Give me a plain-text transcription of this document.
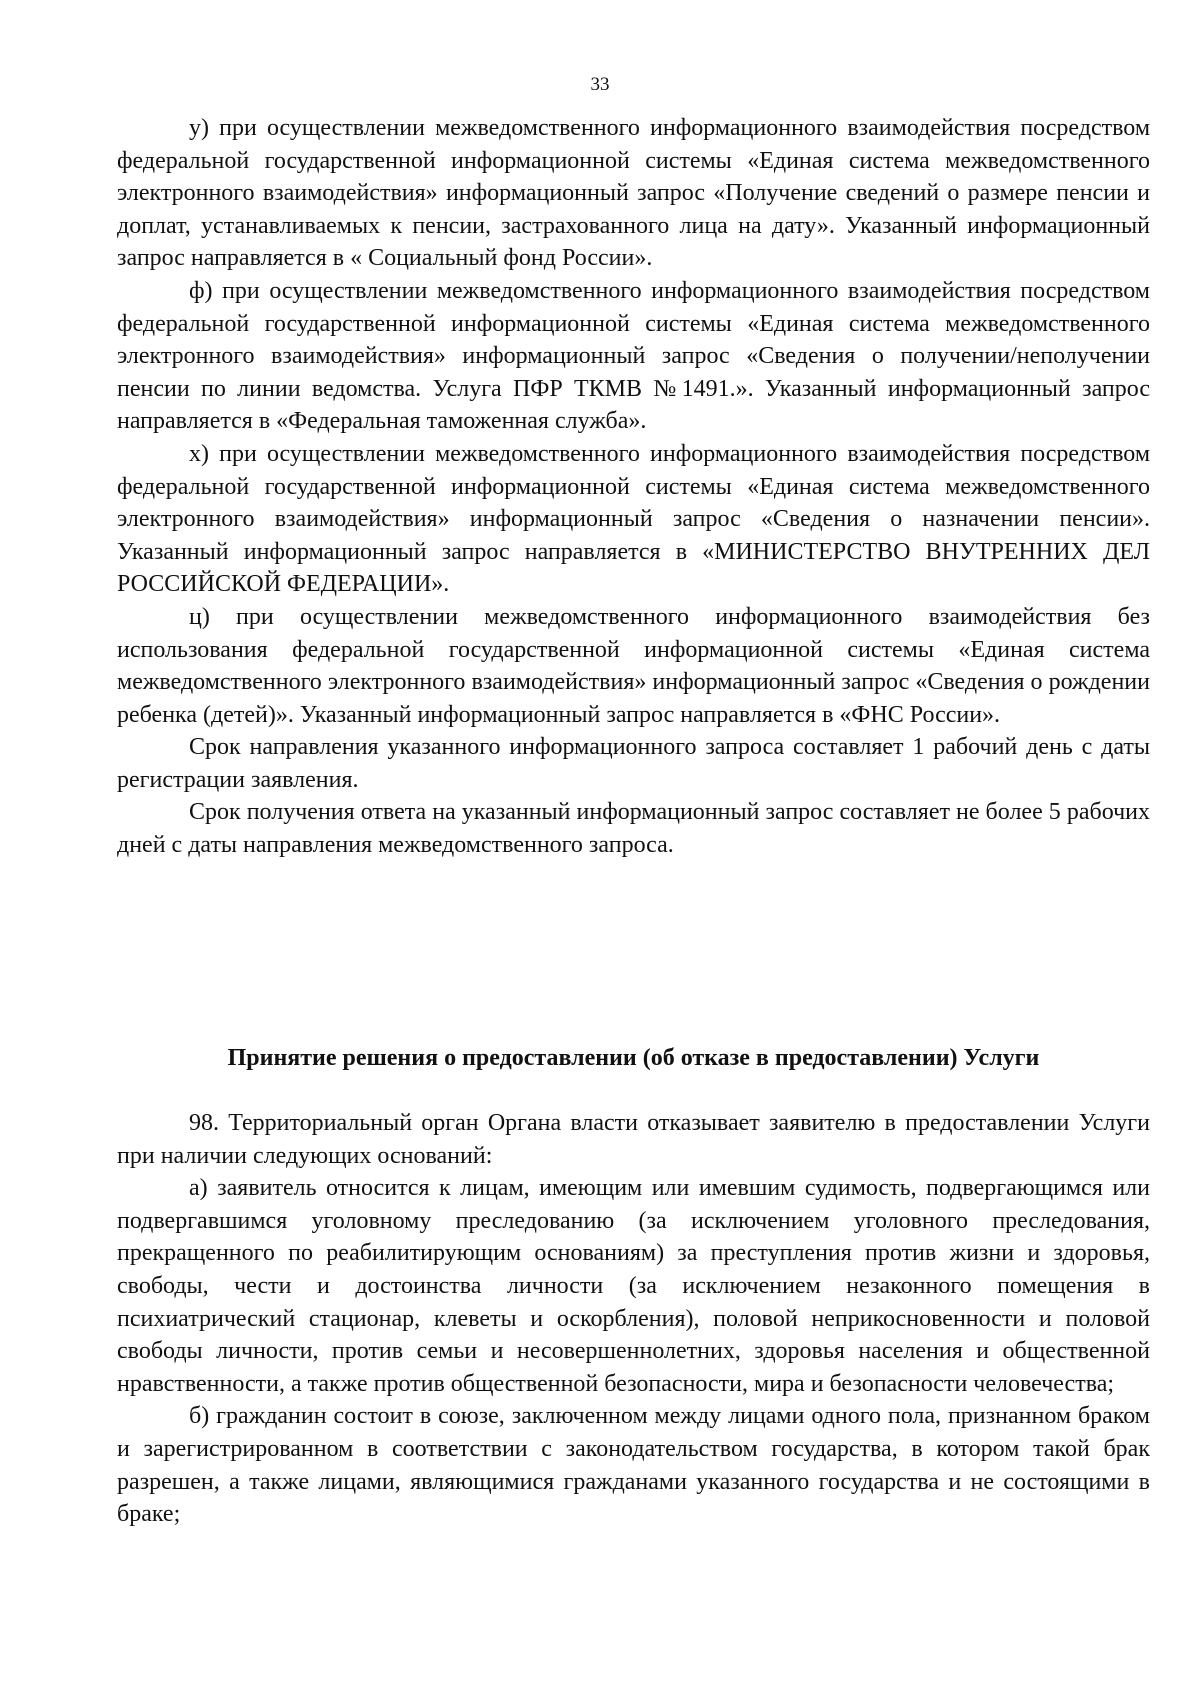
33

у) при осуществлении межведомственного информационного взаимодействия посредством федеральной государственной информационной системы «Единая система межведомственного электронного взаимодействия» информационный запрос «Получение сведений о размере пенсии и доплат, устанавливаемых к пенсии, застрахованного лица на дату». Указанный информационный запрос направляется в « Социальный фонд России».

ф) при осуществлении межведомственного информационного взаимодействия посредством федеральной государственной информационной системы «Единая система межведомственного электронного взаимодействия» информационный запрос «Сведения о получении/неполучении пенсии по линии ведомства. Услуга ПФР ТКМВ №1491.». Указанный информационный запрос направляется в «Федеральная таможенная служба».

х) при осуществлении межведомственного информационного взаимодействия посредством федеральной государственной информационной системы «Единая система межведомственного электронного взаимодействия» информационный запрос «Сведения о назначении пенсии». Указанный информационный запрос направляется в «МИНИСТЕРСТВО ВНУТРЕННИХ ДЕЛ РОССИЙСКОЙ ФЕДЕРАЦИИ».

ц) при осуществлении межведомственного информационного взаимодействия без использования федеральной государственной информационной системы «Единая система межведомственного электронного взаимодействия» информационный запрос «Сведения о рождении ребенка (детей)». Указанный информационный запрос направляется в «ФНС России».

Срок направления указанного информационного запроса составляет 1 рабочий день с даты регистрации заявления.

Срок получения ответа на указанный информационный запрос составляет не более 5 рабочих дней с даты направления межведомственного запроса.

Принятие решения о предоставлении (об отказе в предоставлении) Услуги

98. Территориальный орган Органа власти отказывает заявителю в предоставлении Услуги при наличии следующих оснований:

а) заявитель относится к лицам, имеющим или имевшим судимость, подвергающимся или подвергавшимся уголовному преследованию (за исключением уголовного преследования, прекращенного по реабилитирующим основаниям) за преступления против жизни и здоровья, свободы, чести и достоинства личности (за исключением незаконного помещения в психиатрический стационар, клеветы и оскорбления), половой неприкосновенности и половой свободы личности, против семьи и несовершеннолетних, здоровья населения и общественной нравственности, а также против общественной безопасности, мира и безопасности человечества;

б) гражданин состоит в союзе, заключенном между лицами одного пола, признанном браком и зарегистрированном в соответствии с законодательством государства, в котором такой брак разрешен, а также лицами, являющимися гражданами указанного государства и не состоящими в браке;
